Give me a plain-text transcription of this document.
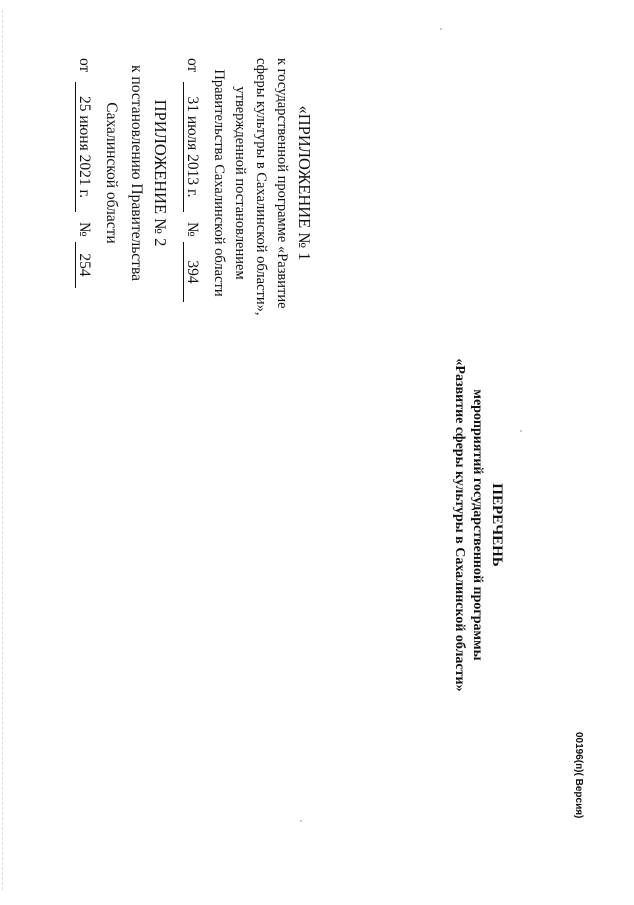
ПРИЛОЖЕНИЕ № 2
к постановлению Правительства
Сахалинской области
от
25 июня 2021 г.
№
254
«ПРИЛОЖЕНИЕ № 1
к государственной программе «Развитие
сферы культуры в Сахалинской области»,
утвержденной постановлением
Правительства Сахалинской области
от
31 июля 2013 г.
№
394
ПЕРЕЧЕНЬ
мероприятий государственной программы
«Развитие сферы культуры в Сахалинской области»
00196(п)( Версия)
